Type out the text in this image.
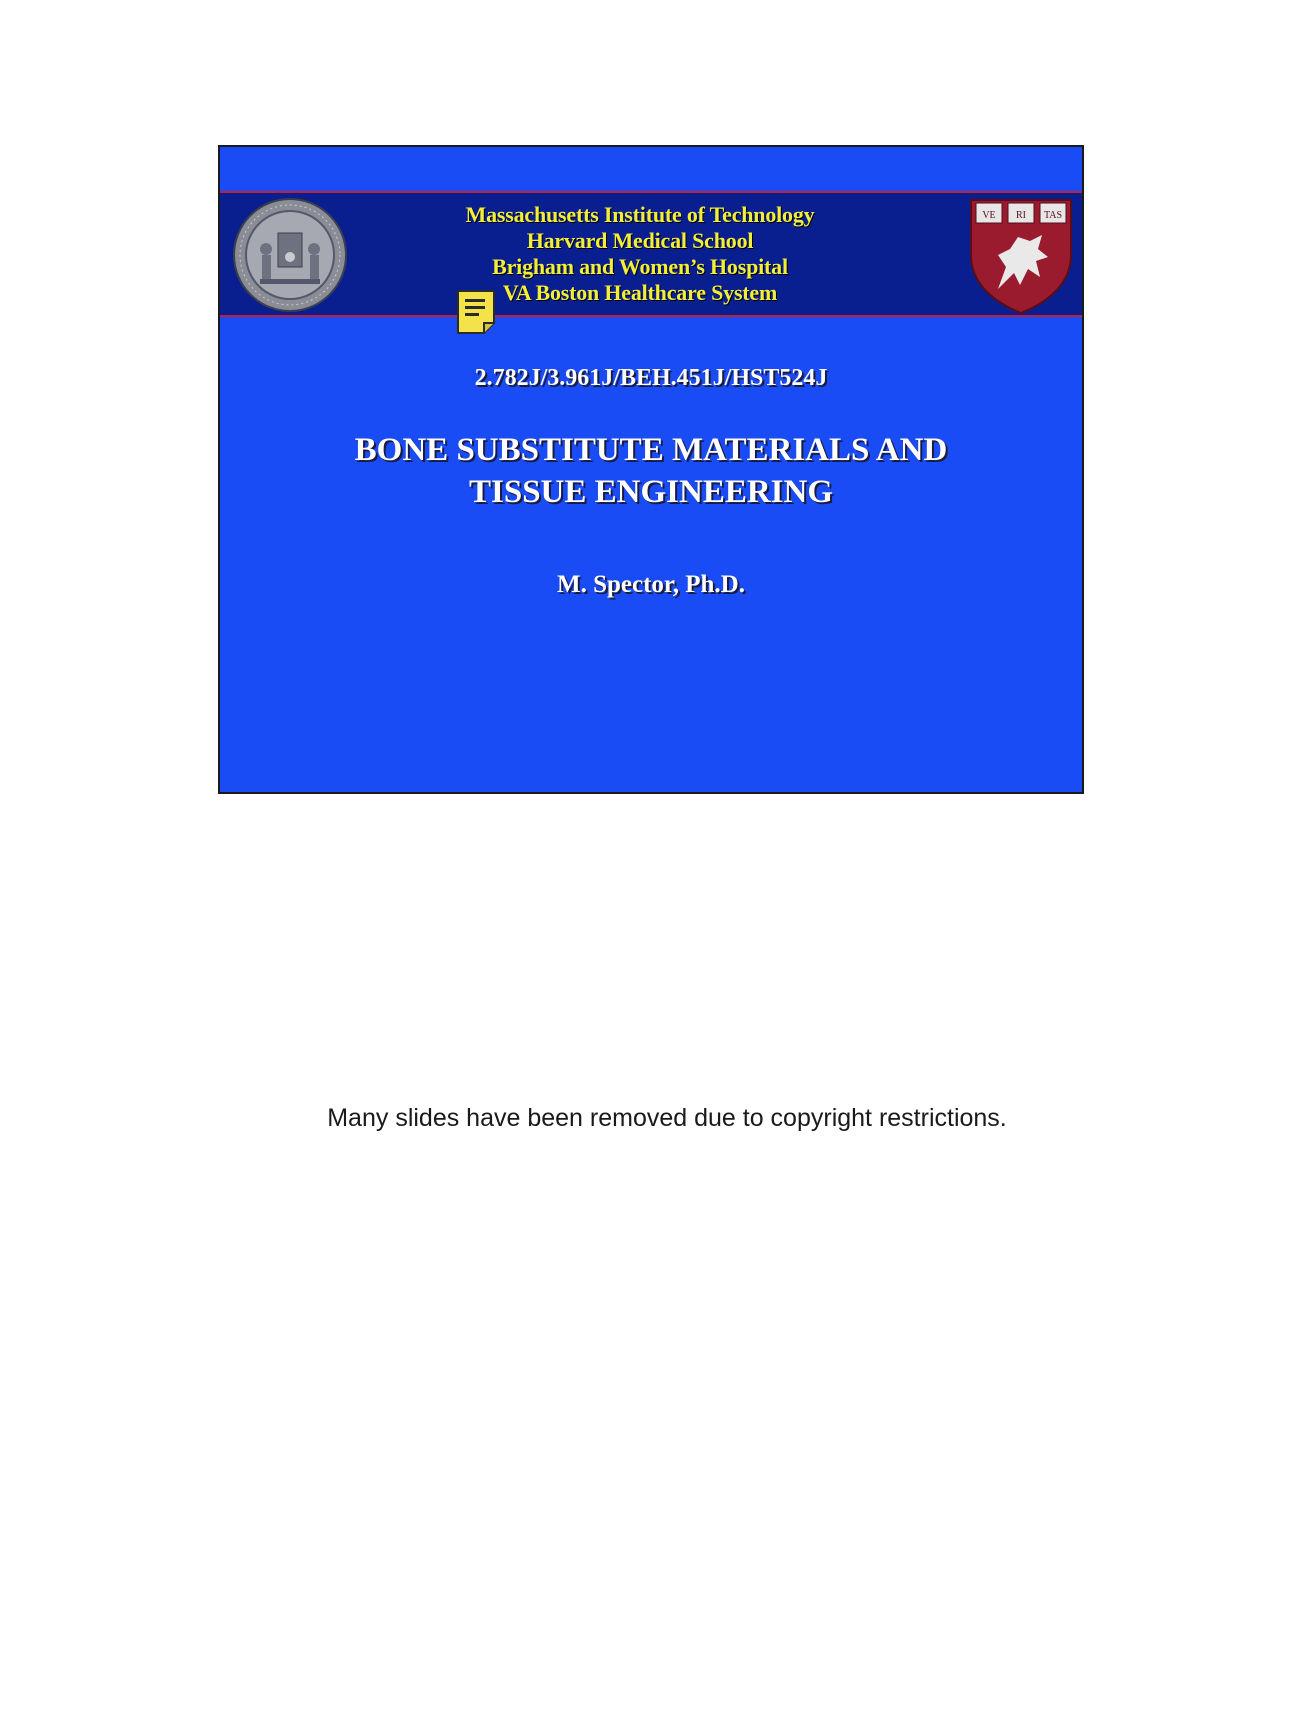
Massachusetts Institute of Technology
Harvard Medical School
Brigham and Women’s Hospital
VA Boston Healthcare System
VE RI TAS
2.782J/3.961J/BEH.451J/HST524J
BONE SUBSTITUTE MATERIALS AND
TISSUE ENGINEERING
M. Spector, Ph.D.
Many slides have been removed due to copyright restrictions.
